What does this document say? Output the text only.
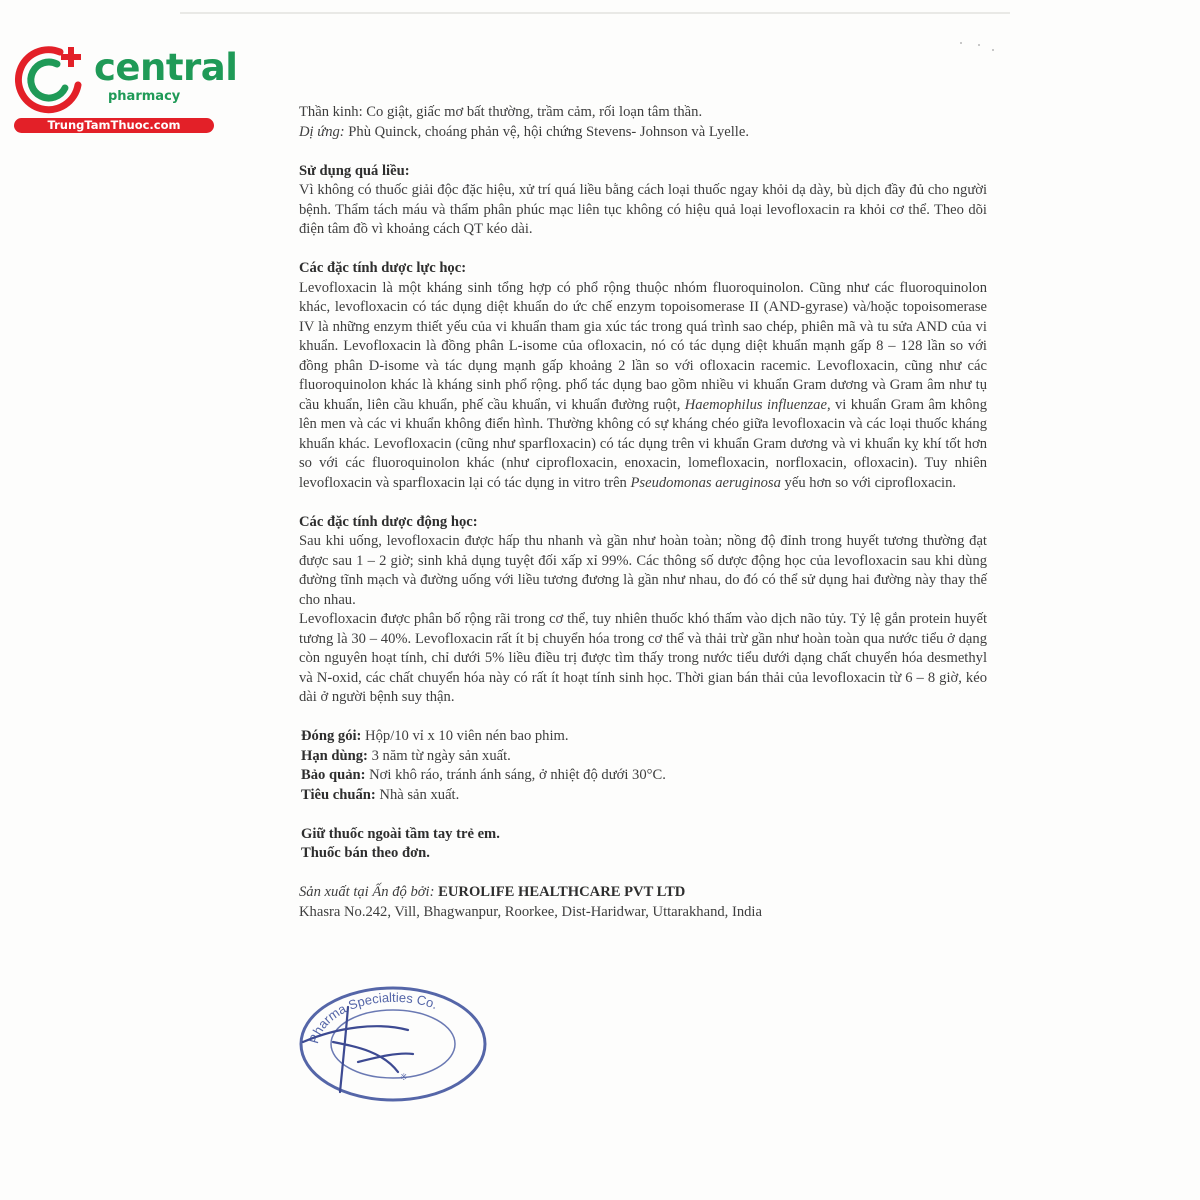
central
pharmacy
TrungTamThuoc.com

Thần kinh: Co giật, giấc mơ bất thường, trầm cảm, rối loạn tâm thần.

Dị ứng: Phù Quinck, choáng phản vệ, hội chứng Stevens- Johnson và Lyelle.

Sử dụng quá liều:

Vì không có thuốc giải độc đặc hiệu, xử trí quá liều bằng cách loại thuốc ngay khỏi dạ dày, bù dịch đầy đủ cho người bệnh. Thẩm tách máu và thẩm phân phúc mạc liên tục không có hiệu quả loại levofloxacin ra khỏi cơ thể. Theo dõi điện tâm đồ vì khoảng cách QT kéo dài.

Các đặc tính dược lực học:

Levofloxacin là một kháng sinh tổng hợp có phổ rộng thuộc nhóm fluoroquinolon. Cũng như các fluoroquinolon khác, levofloxacin có tác dụng diệt khuẩn do ức chế enzym topoisomerase II (AND-gyrase) và/hoặc topoisomerase IV là những enzym thiết yếu của vi khuẩn tham gia xúc tác trong quá trình sao chép, phiên mã và tu sửa AND của vi khuẩn. Levofloxacin là đồng phân L-isome của ofloxacin, nó có tác dụng diệt khuẩn mạnh gấp 8 – 128 lần so với đồng phân D-isome và tác dụng mạnh gấp khoảng 2 lần so với ofloxacin racemic. Levofloxacin, cũng như các fluoroquinolon khác là kháng sinh phổ rộng. phổ tác dụng bao gồm nhiều vi khuẩn Gram dương và Gram âm như tụ cầu khuẩn, liên cầu khuẩn, phế cầu khuẩn, vi khuẩn đường ruột, Haemophilus influenzae, vi khuẩn Gram âm không lên men và các vi khuẩn không điển hình. Thường không có sự kháng chéo giữa levofloxacin và các loại thuốc kháng khuẩn khác. Levofloxacin (cũng như sparfloxacin) có tác dụng trên vi khuẩn Gram dương và vi khuẩn kỵ khí tốt hơn so với các fluoroquinolon khác (như ciprofloxacin, enoxacin, lomefloxacin, norfloxacin, ofloxacin). Tuy nhiên levofloxacin và sparfloxacin lại có tác dụng in vitro trên Pseudomonas aeruginosa yếu hơn so với ciprofloxacin.

Các đặc tính dược động học:

Sau khi uống, levofloxacin được hấp thu nhanh và gần như hoàn toàn; nồng độ đỉnh trong huyết tương thường đạt được sau 1 – 2 giờ; sinh khả dụng tuyệt đối xấp xỉ 99%. Các thông số dược động học của levofloxacin sau khi dùng đường tĩnh mạch và đường uống với liều tương đương là gần như nhau, do đó có thể sử dụng hai đường này thay thế cho nhau.

Levofloxacin được phân bố rộng rãi trong cơ thể, tuy nhiên thuốc khó thấm vào dịch não tủy. Tỷ lệ gắn protein huyết tương là 30 – 40%. Levofloxacin rất ít bị chuyển hóa trong cơ thể và thải trừ gần như hoàn toàn qua nước tiểu ở dạng còn nguyên hoạt tính, chỉ dưới 5% liều điều trị được tìm thấy trong nước tiểu dưới dạng chất chuyển hóa desmethyl và N-oxid, các chất chuyển hóa này có rất ít hoạt tính sinh học. Thời gian bán thải của levofloxacin từ 6 – 8 giờ, kéo dài ở người bệnh suy thận.

Đóng gói: Hộp/10 vỉ x 10 viên nén bao phim.

Hạn dùng: 3 năm từ ngày sản xuất.

Bảo quản: Nơi khô ráo, tránh ánh sáng, ở nhiệt độ dưới 30°C.

Tiêu chuẩn: Nhà sản xuất.

Giữ thuốc ngoài tầm tay trẻ em.

Thuốc bán theo đơn.

Sản xuất tại Ấn độ bởi: EUROLIFE HEALTHCARE PVT LTD

Khasra No.242, Vill, Bhagwanpur, Roorkee, Dist-Haridwar, Uttarakhand, India

Pharma Specialties Co.
※
